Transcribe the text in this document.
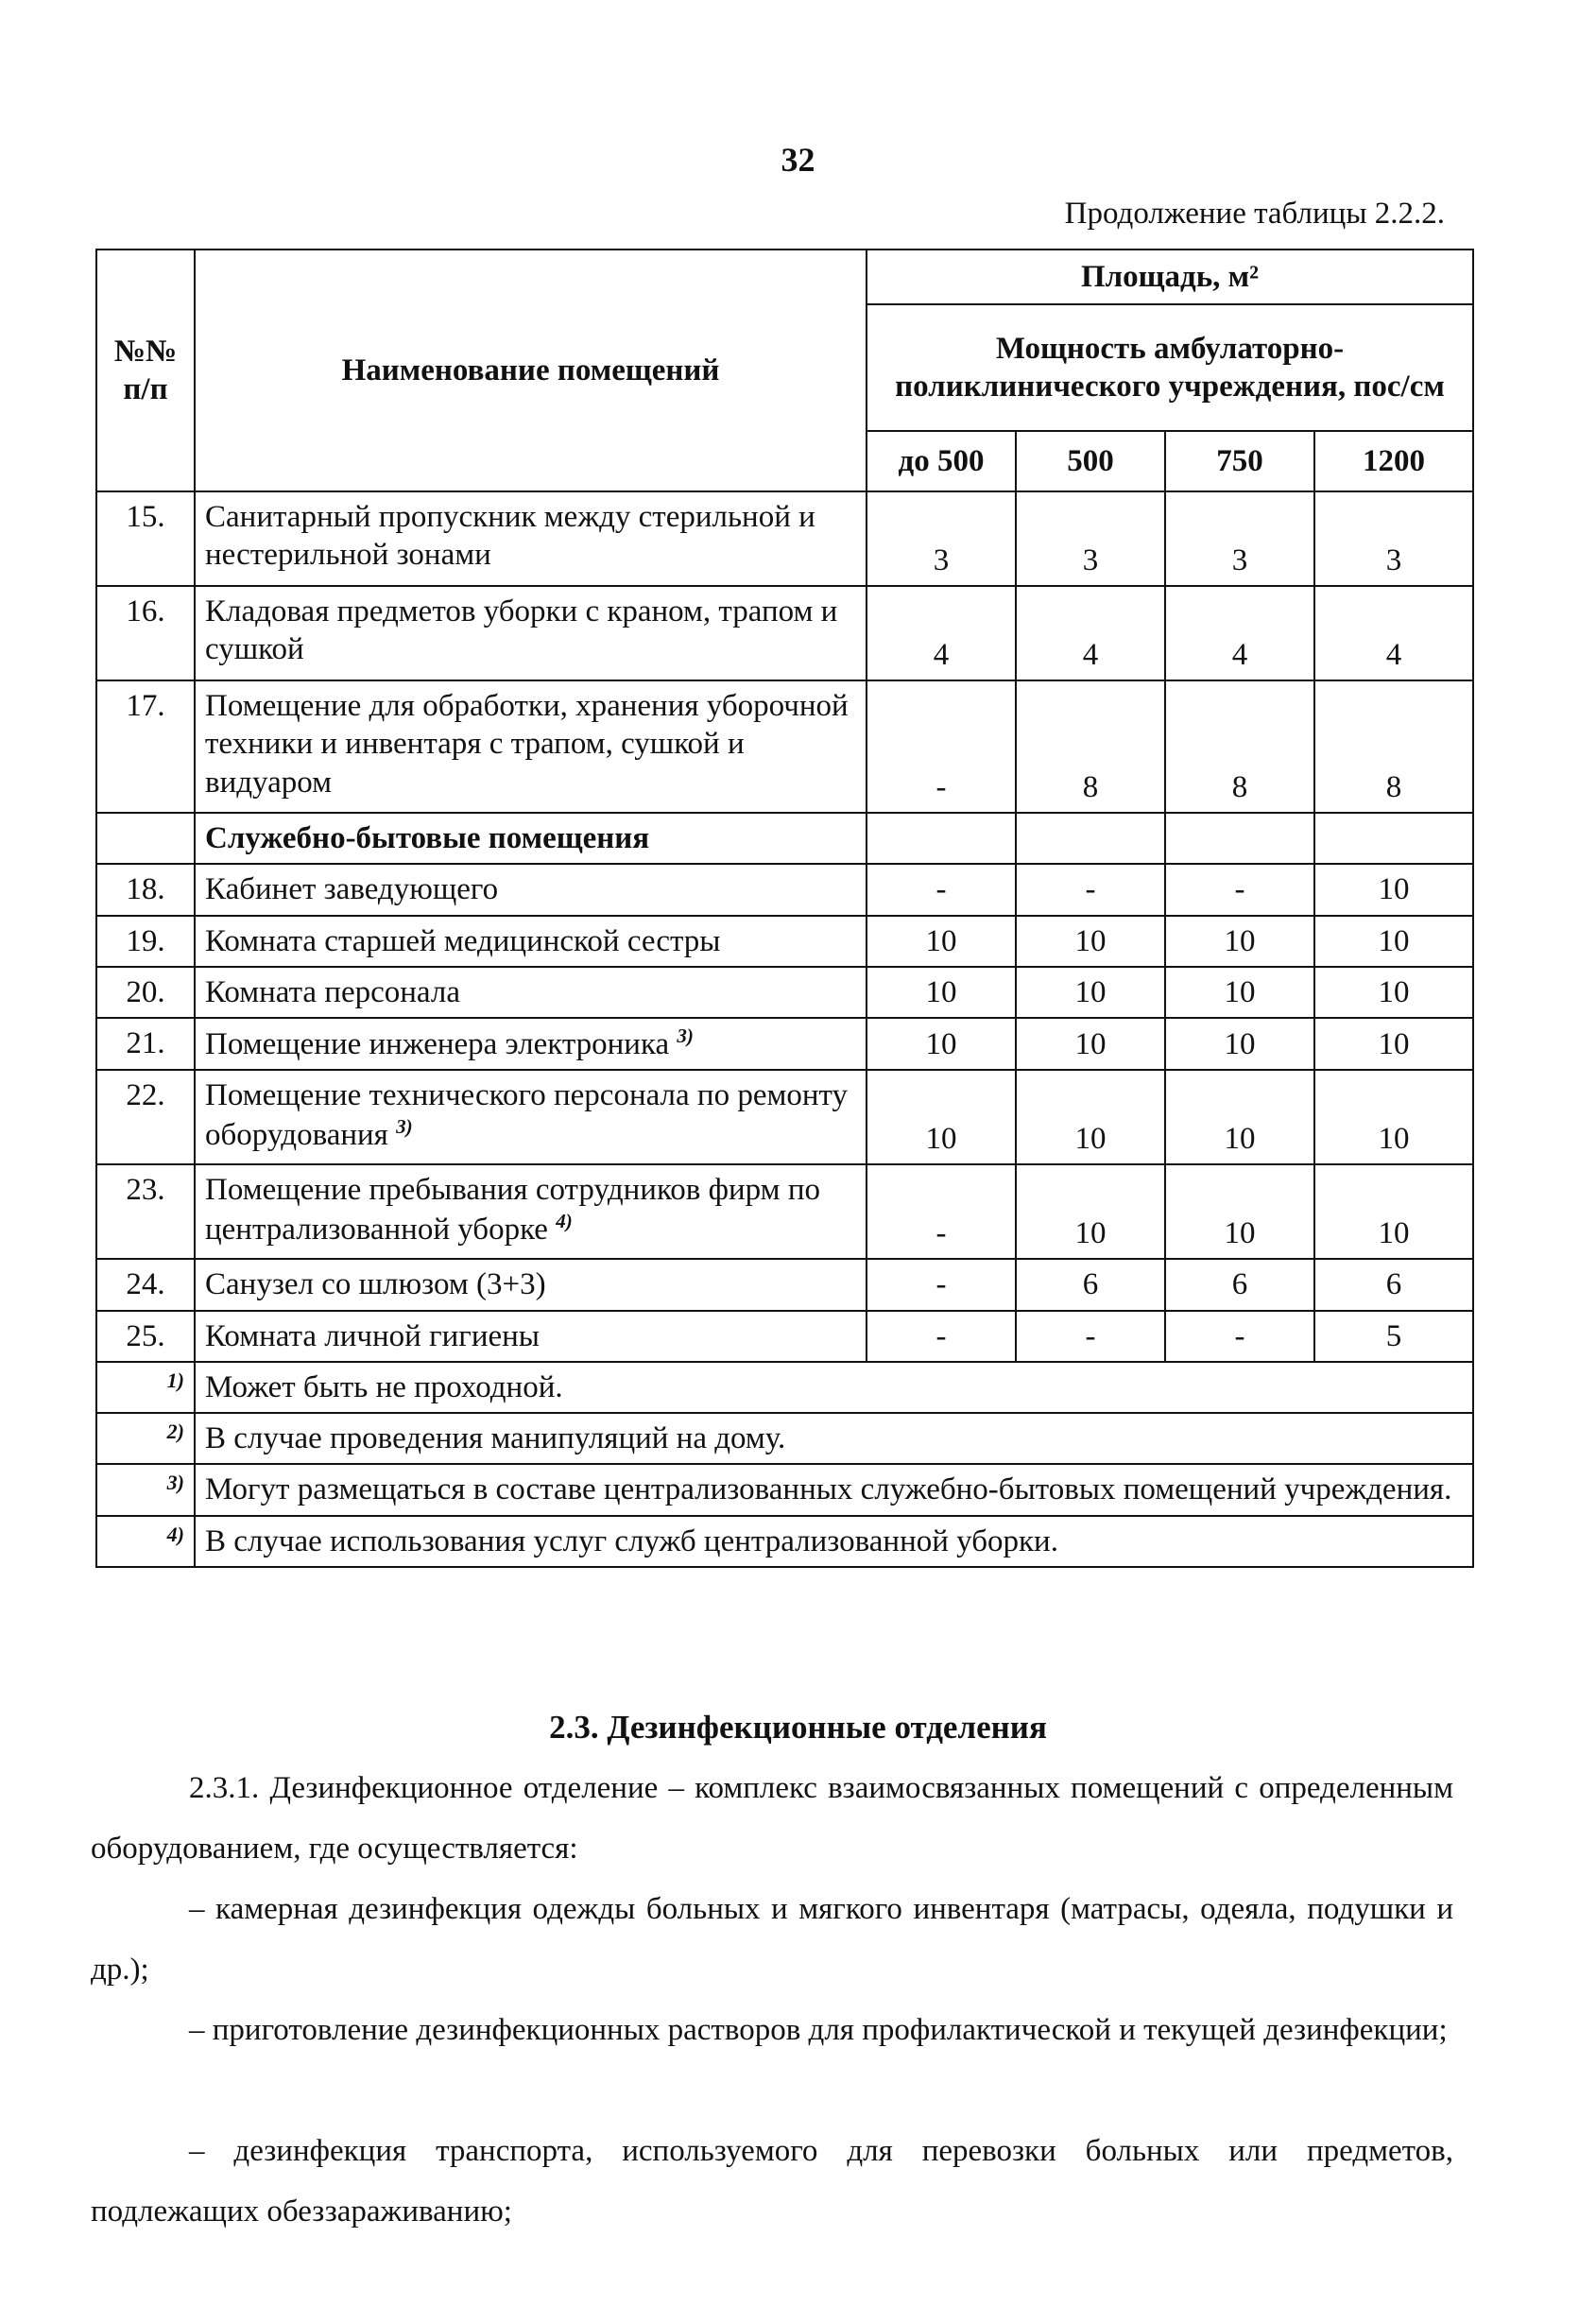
32
Продолжение таблицы 2.2.2.
№№ п/п	Наименование помещений	Площадь, м²			
		Мощность амбулаторно-поликлинического учреждения, пос/см			
		до 500	500	750	1200
15.	Санитарный пропускник между стерильной и нестерильной зонами	3	3	3	3
16.	Кладовая предметов уборки с краном, трапом и сушкой	4	4	4	4
17.	Помещение для обработки, хранения уборочной техники и инвентаря с трапом, сушкой и видуаром	-	8	8	8
	Служебно-бытовые помещения				
18.	Кабинет заведующего	-	-	-	10
19.	Комната старшей медицинской сестры	10	10	10	10
20.	Комната персонала	10	10	10	10
21.	Помещение инженера электроника $^{3)}$	10	10	10	10
22.	Помещение технического персонала по ремонту оборудования $^{3)}$	10	10	10	10
23.	Помещение пребывания сотрудников фирм по централизованной уборке $^{4)}$	-	10	10	10
24.	Санузел со шлюзом (3+3)	-	6	6	6
25.	Комната личной гигиены	-	-	-	5
1)	Может быть не проходной.				
2)	В случае проведения манипуляций на дому.				
3)	Могут размещаться в составе централизованных служебно-бытовых помещений учреждения.				
4)	В случае использования услуг служб централизованной уборки.				
2.3. Дезинфекционные отделения

2.3.1. Дезинфекционное отделение – комплекс взаимосвязанных помещений с определенным оборудованием, где осуществляется:

– камерная дезинфекция одежды больных и мягкого инвентаря (матрасы, одеяла, подушки и др.);

– приготовление дезинфекционных растворов для профилактической и текущей дезинфекции;

– дезинфекция транспорта, используемого для перевозки больных или предметов, подлежащих обеззараживанию;
